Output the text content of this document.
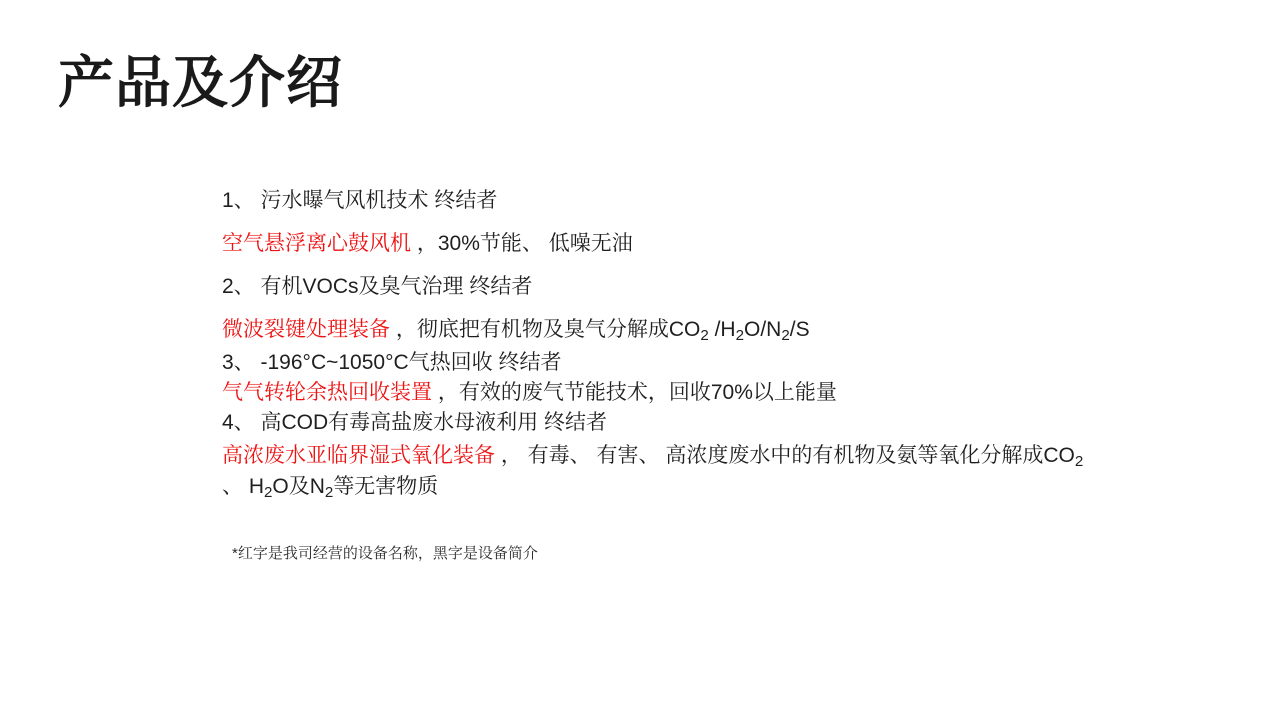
产品及介绍
1、 污水曝气风机技术 终结者
空气悬浮离心鼓风机 ，30%节能、 低噪无油
2、 有机VOCs及臭气治理 终结者
微波裂键处理装备 ，彻底把有机物及臭气分解成$CO_2$ $/H_2O/N_2/S$
3、 -196°C~1050°C气热回收 终结者
气气转轮余热回收装置 ，有效的废气节能技术，回收70%以上能量
4、 高COD有毒高盐废水母液利用 终结者
高浓废水亚临界湿式氧化装备 ， 有毒、 有害、 高浓度废水中的有机物及氨等氧化分解成$CO_2$ 、 $H_2O$及$N_2$等无害物质
*红字是我司经营的设备名称，黑字是设备简介
